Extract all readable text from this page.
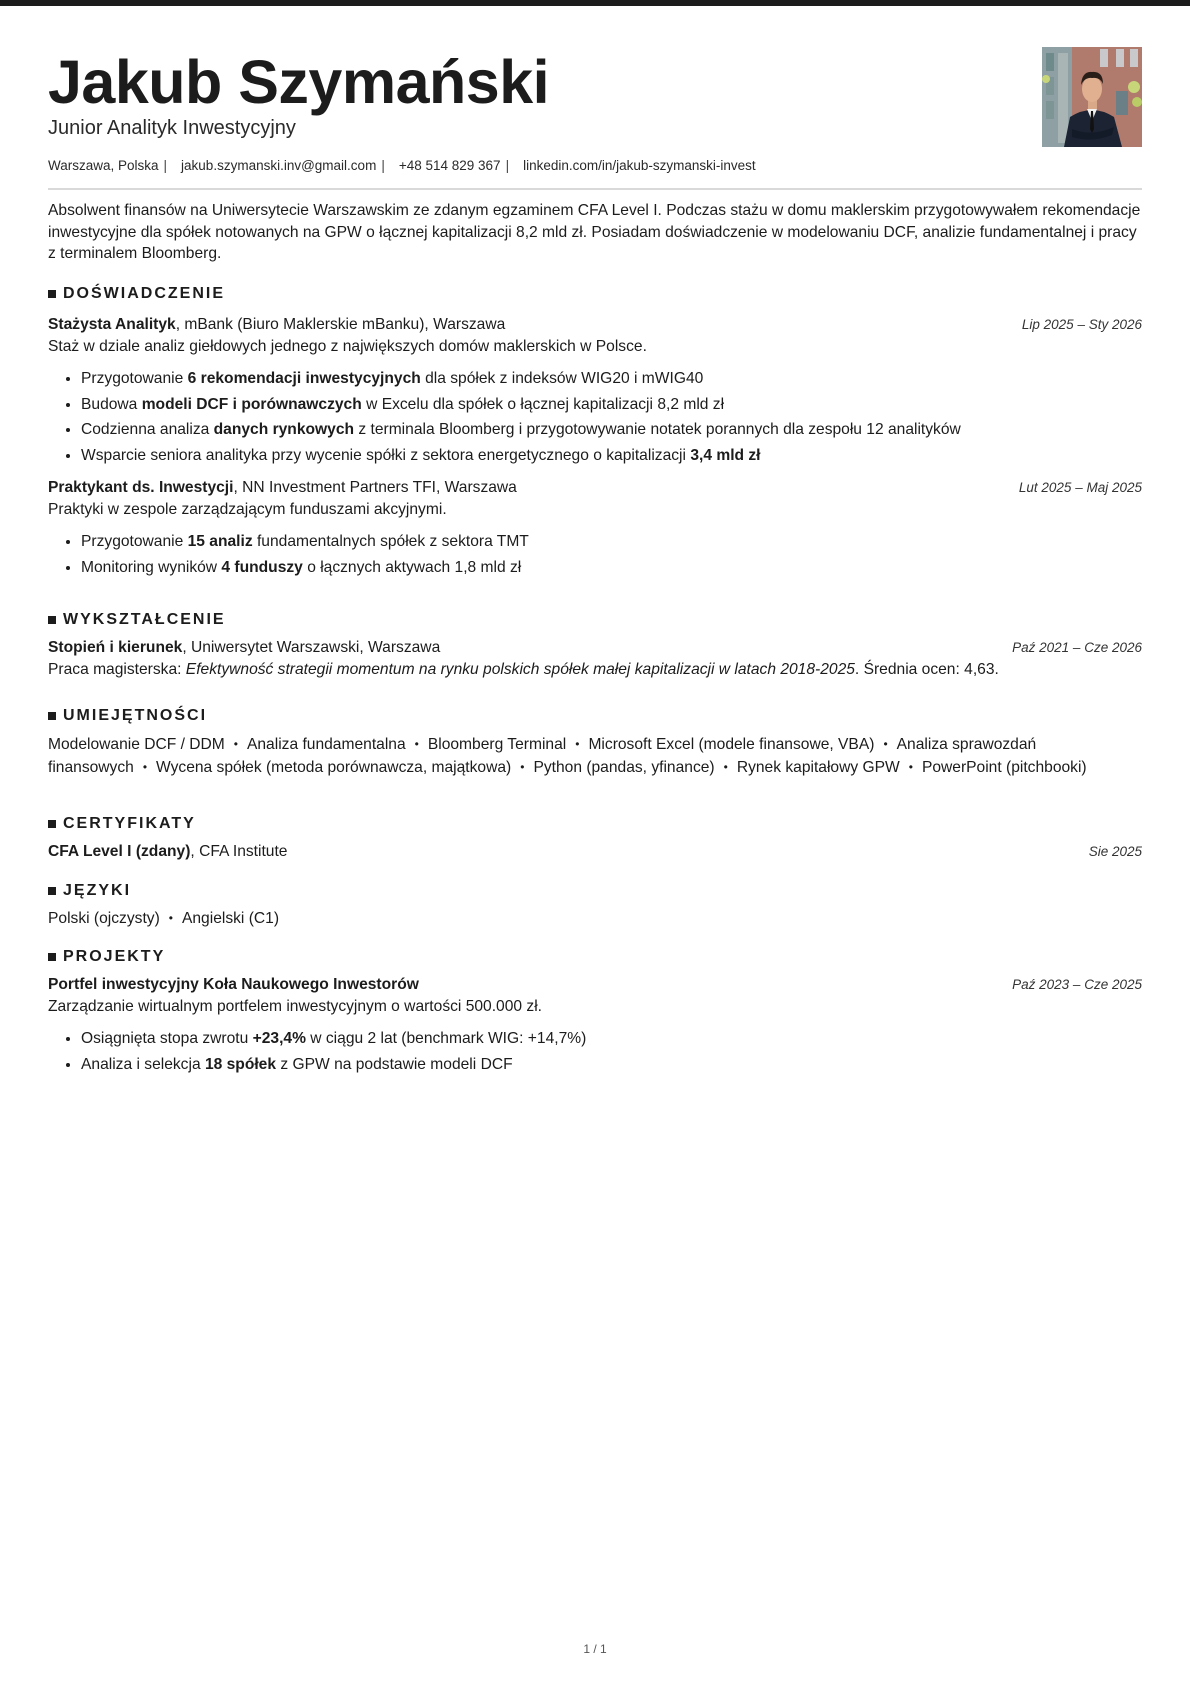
Jakub Szymański
Junior Analityk Inwestycyjny
Warszawa, Polska | jakub.szymanski.inv@gmail.com | +48 514 829 367 | linkedin.com/in/jakub-szymanski-invest

Absolwent finansów na Uniwersytecie Warszawskim ze zdanym egzaminem CFA Level I. Podczas stażu w domu maklerskim przygotowywałem rekomendacje inwestycyjne dla spółek notowanych na GPW o łącznej kapitalizacji 8,2 mld zł. Posiadam doświadczenie w modelowaniu DCF, analizie fundamentalnej i pracy z terminalem Bloomberg.

DOŚWIADCZENIE
Stażysta Analityk, mBank (Biuro Maklerskie mBanku), Warszawa	Lip 2025 – Sty 2026
Staż w dziale analiz giełdowych jednego z największych domów maklerskich w Polsce.
• Przygotowanie 6 rekomendacji inwestycyjnych dla spółek z indeksów WIG20 i mWIG40
• Budowa modeli DCF i porównawczych w Excelu dla spółek o łącznej kapitalizacji 8,2 mld zł
• Codzienna analiza danych rynkowych z terminala Bloomberg i przygotowywanie notatek porannych dla zespołu 12 analityków
• Wsparcie seniora analityka przy wycenie spółki z sektora energetycznego o kapitalizacji 3,4 mld zł
Praktykant ds. Inwestycji, NN Investment Partners TFI, Warszawa	Lut 2025 – Maj 2025
Praktyki w zespole zarządzającym funduszami akcyjnymi.
• Przygotowanie 15 analiz fundamentalnych spółek z sektora TMT
• Monitoring wyników 4 funduszy o łącznych aktywach 1,8 mld zł
WYKSZTAŁCENIE
Stopień i kierunek, Uniwersytet Warszawski, Warszawa	Paź 2021 – Cze 2026
Praca magisterska: Efektywność strategii momentum na rynku polskich spółek małej kapitalizacji w latach 2018-2025. Średnia ocen: 4,63.
UMIEJĘTNOŚCI
Modelowanie DCF / DDM • Analiza fundamentalna • Bloomberg Terminal • Microsoft Excel (modele finansowe, VBA) • Analiza sprawozdań finansowych • Wycena spółek (metoda porównawcza, majątkowa) • Python (pandas, yfinance) • Rynek kapitałowy GPW • PowerPoint (pitchbooki)
CERTYFIKATY
CFA Level I (zdany), CFA Institute	Sie 2025
JĘZYKI
Polski (ojczysty) • Angielski (C1)
PROJEKTY
Portfel inwestycyjny Koła Naukowego Inwestorów	Paź 2023 – Cze 2025
Zarządzanie wirtualnym portfelem inwestycyjnym o wartości 500.000 zł.
• Osiągnięta stopa zwrotu +23,4% w ciągu 2 lat (benchmark WIG: +14,7%)
• Analiza i selekcja 18 spółek z GPW na podstawie modeli DCF
1 / 1
